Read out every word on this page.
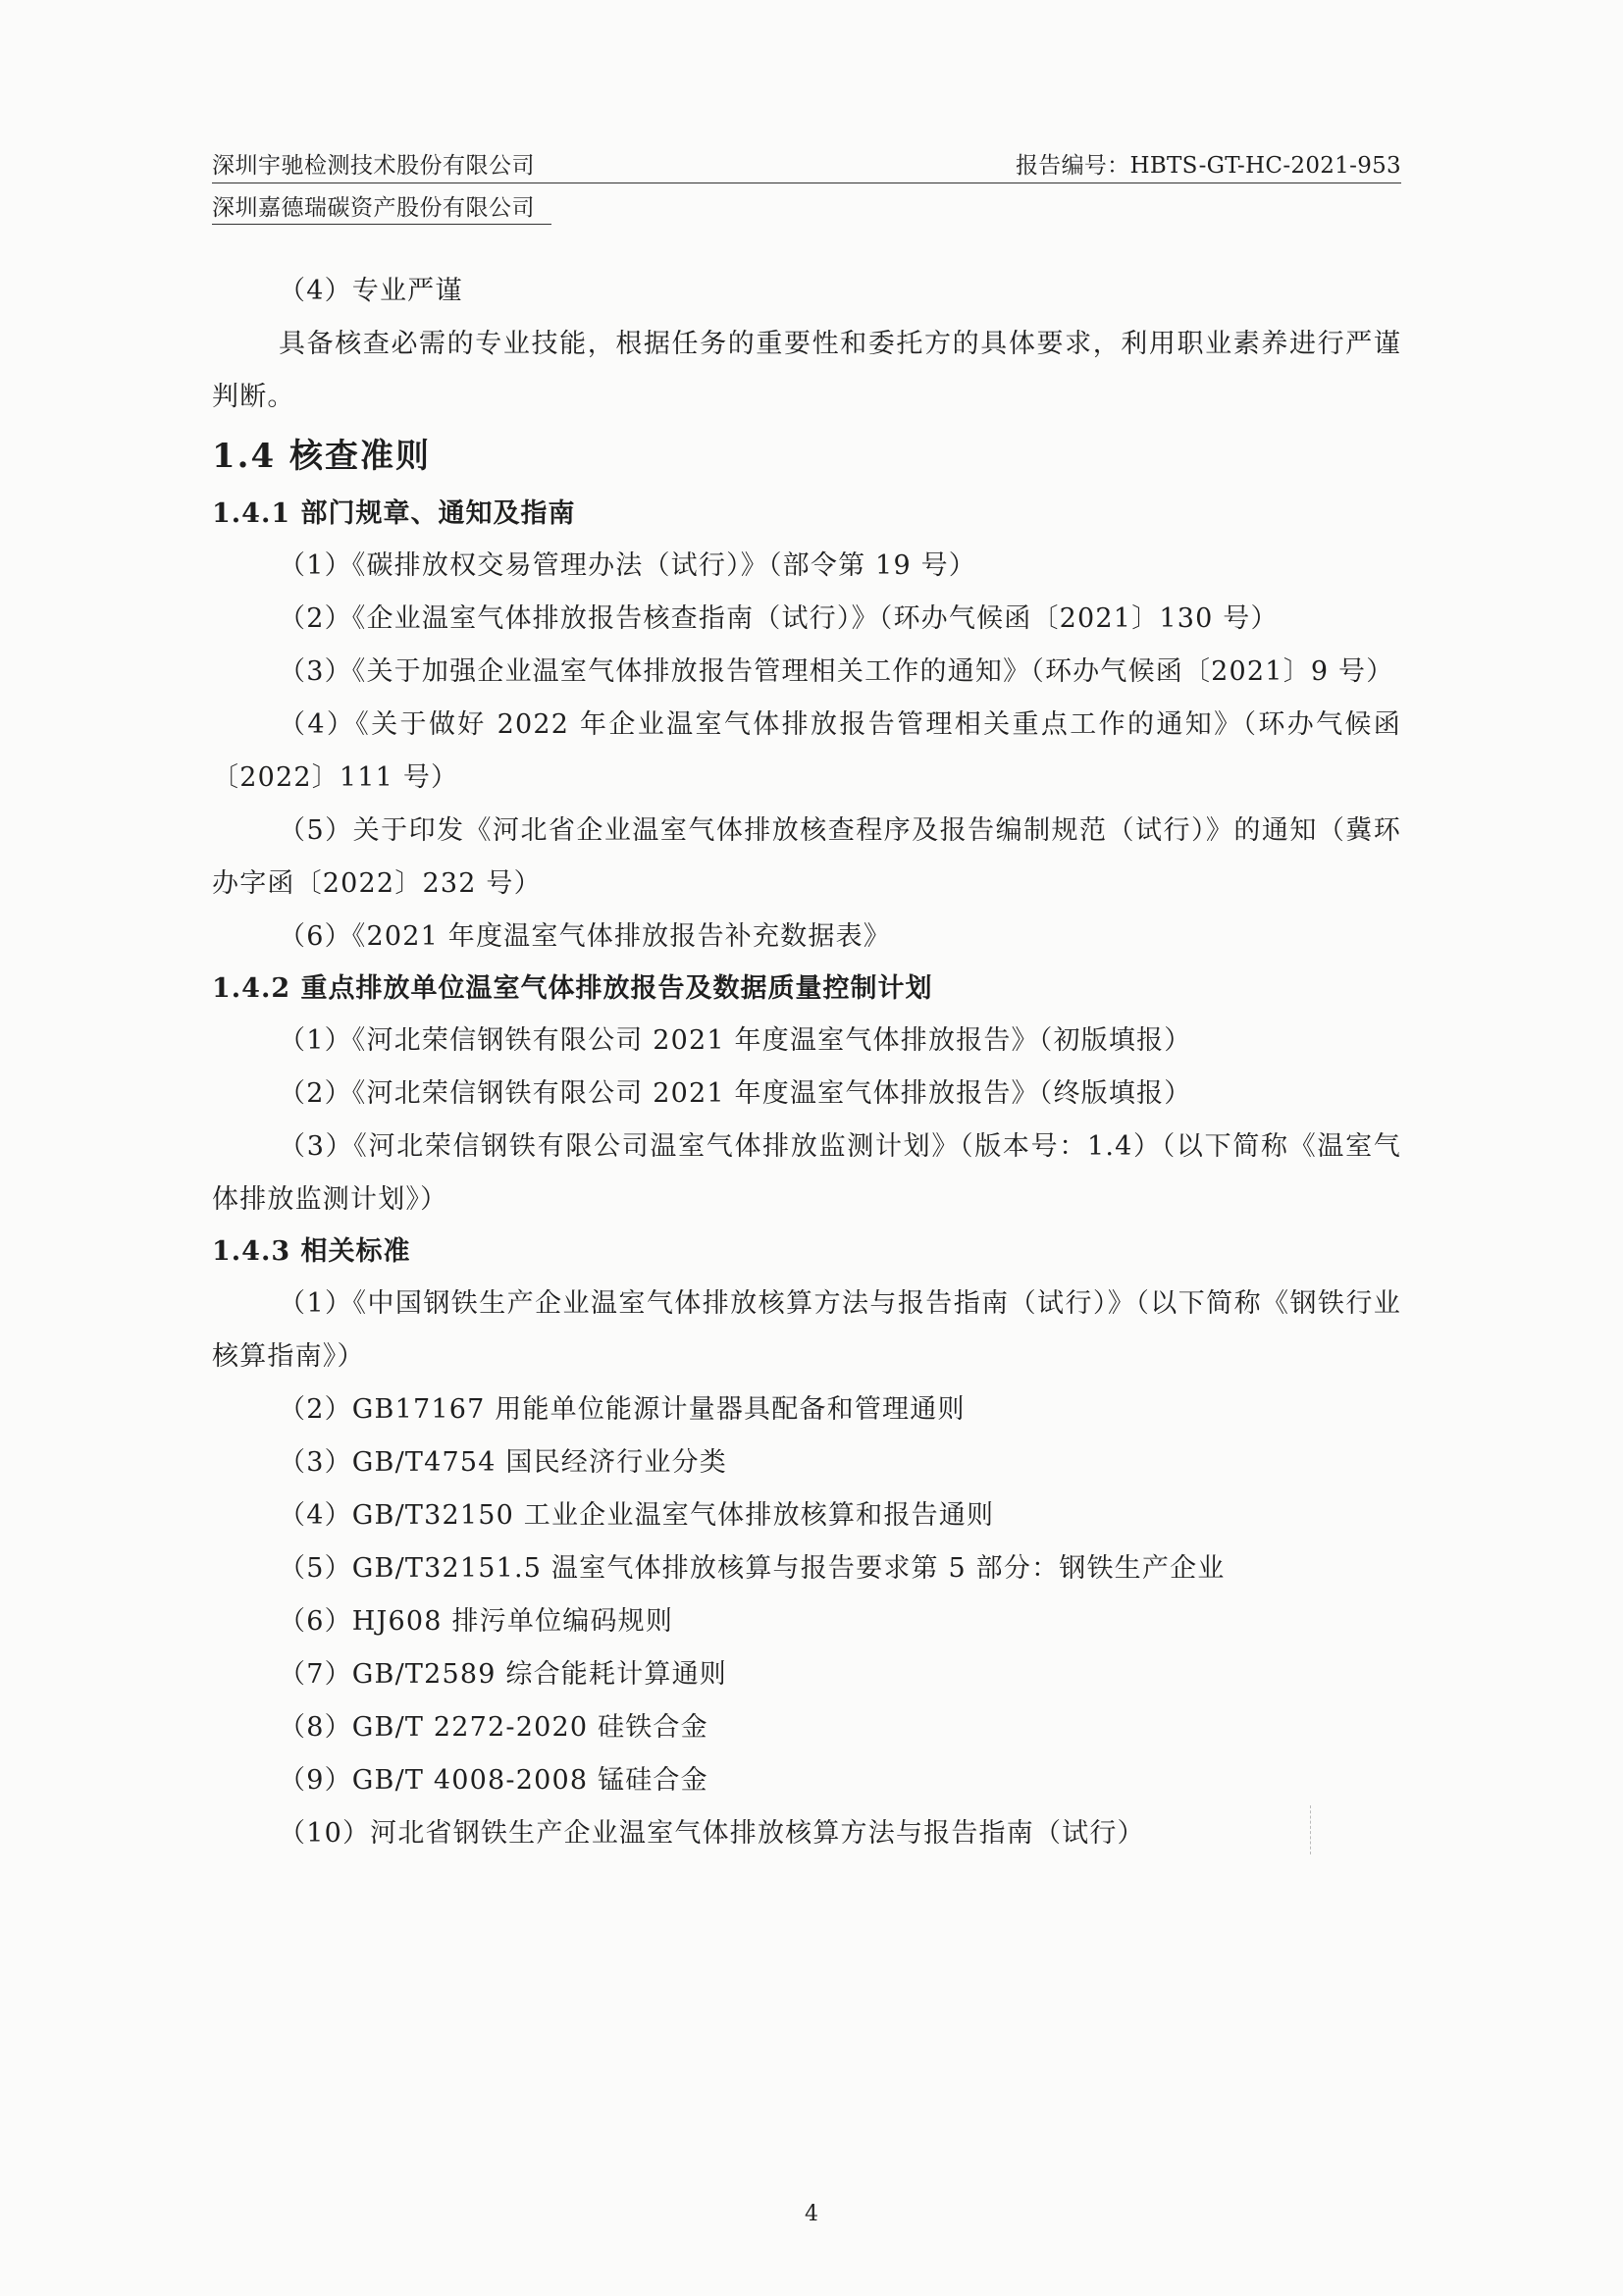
深圳宇驰检测技术股份有限公司	报告编号：HBTS-GT-HC-2021-953
深圳嘉德瑞碳资产股份有限公司
（4）专业严谨
具备核查必需的专业技能，根据任务的重要性和委托方的具体要求，利用职业素养进行严谨判断。
1.4 核查准则
1.4.1 部门规章、通知及指南
（1）《碳排放权交易管理办法（试行）》（部令第 19 号）
（2）《企业温室气体排放报告核查指南（试行）》（环办气候函〔2021〕130 号）
（3）《关于加强企业温室气体排放报告管理相关工作的通知》（环办气候函〔2021〕9 号）
（4）《关于做好 2022 年企业温室气体排放报告管理相关重点工作的通知》（环办气候函〔2022〕111 号）
（5）关于印发《河北省企业温室气体排放核查程序及报告编制规范（试行）》的通知（冀环办字函〔2022〕232 号）
（6）《2021 年度温室气体排放报告补充数据表》
1.4.2 重点排放单位温室气体排放报告及数据质量控制计划
（1）《河北荣信钢铁有限公司 2021 年度温室气体排放报告》（初版填报）
（2）《河北荣信钢铁有限公司 2021 年度温室气体排放报告》（终版填报）
（3）《河北荣信钢铁有限公司温室气体排放监测计划》（版本号：1.4）（以下简称《温室气体排放监测计划》）
1.4.3 相关标准
（1）《中国钢铁生产企业温室气体排放核算方法与报告指南（试行）》（以下简称《钢铁行业 核算指南》）
（2）GB17167 用能单位能源计量器具配备和管理通则
（3）GB/T4754 国民经济行业分类
（4）GB/T32150 工业企业温室气体排放核算和报告通则
（5）GB/T32151.5 温室气体排放核算与报告要求第 5 部分：钢铁生产企业
（6）HJ608 排污单位编码规则
（7）GB/T2589 综合能耗计算通则
（8）GB/T 2272-2020 硅铁合金
（9）GB/T 4008-2008 锰硅合金
（10）河北省钢铁生产企业温室气体排放核算方法与报告指南（试行）
4
